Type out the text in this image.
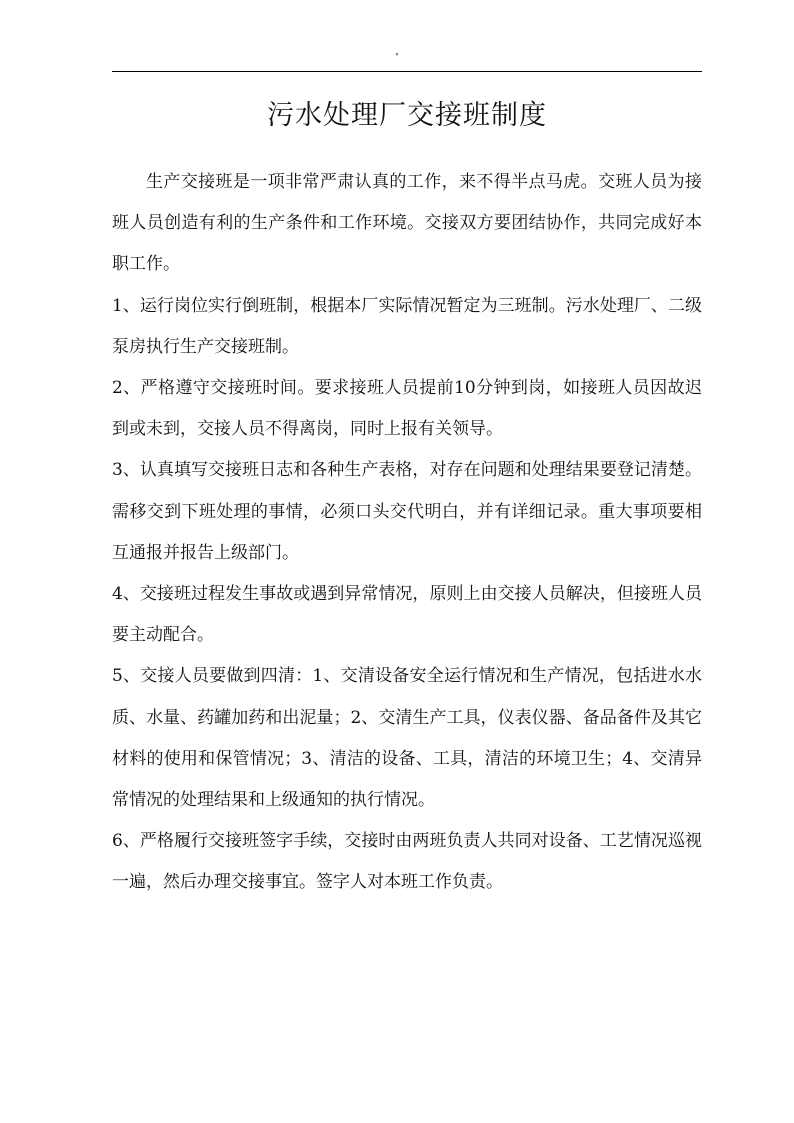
"
污水处理厂交接班制度

生产交接班是一项非常严肃认真的工作，来不得半点马虎。交班人员为接班人员创造有利的生产条件和工作环境。交接双方要团结协作，共同完成好本职工作。

1、运行岗位实行倒班制，根据本厂实际情况暂定为三班制。污水处理厂、二级泵房执行生产交接班制。

2、严格遵守交接班时间。要求接班人员提前10分钟到岗，如接班人员因故迟到或未到，交接人员不得离岗，同时上报有关领导。

3、认真填写交接班日志和各种生产表格，对存在问题和处理结果要登记清楚。需移交到下班处理的事情，必须口头交代明白，并有详细记录。重大事项要相互通报并报告上级部门。

4、交接班过程发生事故或遇到异常情况，原则上由交接人员解决，但接班人员要主动配合。

5、交接人员要做到四清：1、交清设备安全运行情况和生产情况，包括进水水质、水量、药罐加药和出泥量；2、交清生产工具，仪表仪器、备品备件及其它材料的使用和保管情况；3、清洁的设备、工具，清洁的环境卫生；4、交清异常情况的处理结果和上级通知的执行情况。

6、严格履行交接班签字手续，交接时由两班负责人共同对设备、工艺情况巡视一遍，然后办理交接事宜。签字人对本班工作负责。
